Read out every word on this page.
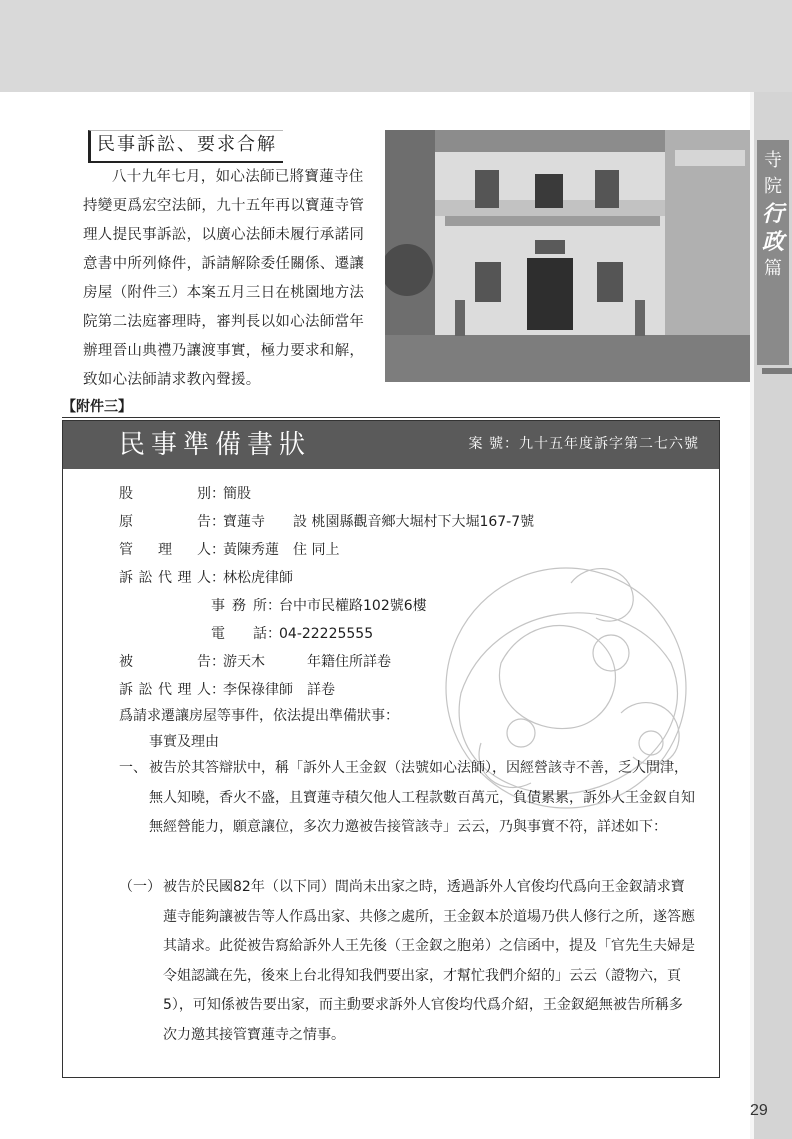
寺
院
行
政
篇
民事訴訟、要求合解

八十九年七月，如心法師已將寶蓮寺住持變更爲宏空法師，九十五年再以寶蓮寺管理人提民事訴訟，以廣心法師未履行承諾同意書中所列條件，訴請解除委任關係、遷讓房屋（附件三）本案五月三日在桃園地方法院第二法庭審理時，審判長以如心法師當年辦理晉山典禮乃讓渡事實，極力要求和解，致如心法師請求教內聲援。

【附件三】
民事準備書狀	案 號：九十五年度訴字第二七六號
股別：簡股
原告：寶蓮寺　　設 桃園縣觀音鄉大堀村下大堀167-7號
管理人：黃陳秀蓮　住 同上
訴訟代理人：林松虎律師
事務所：台中市民權路102號6樓
電話：04-22225555
被告：游天木　　　年籍住所詳卷
訴訟代理人：李保祿律師　詳卷
爲請求遷讓房屋等事件，依法提出準備狀事：
事實及理由
一、 被告於其答辯狀中，稱「訴外人王金釵（法號如心法師），因經營該寺不善，乏人問津，無人知曉，香火不盛，且寶蓮寺積欠他人工程款數百萬元，負債累累，訴外人王金釵自知無經營能力，願意讓位，多次力邀被告接管該寺」云云，乃與事實不符，詳述如下：
（一） 被告於民國82年（以下同）間尚未出家之時，透過訴外人官俊均代爲向王金釵請求寶蓮寺能夠讓被告等人作爲出家、共修之處所，王金釵本於道場乃供人修行之所，遂答應其請求。此從被告寫給訴外人王先後（王金釵之胞弟）之信函中，提及「官先生夫婦是令姐認識在先，後來上台北得知我們要出家，才幫忙我們介紹的」云云（證物六，頁5），可知係被告要出家，而主動要求訴外人官俊均代爲介紹，王金釵絕無被告所稱多次力邀其接管寶蓮寺之情事。
29
